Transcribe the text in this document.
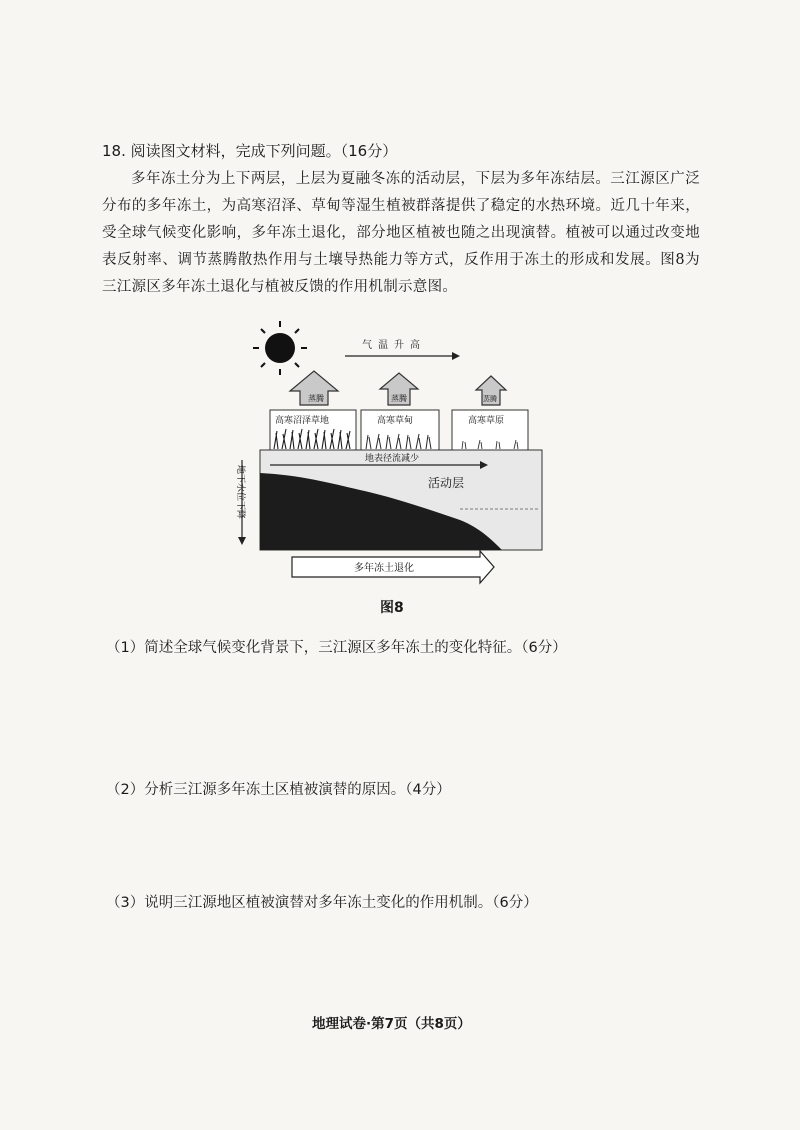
18. 阅读图文材料，完成下列问题。（16分）
多年冻土分为上下两层，上层为夏融冬冻的活动层，下层为多年冻结层。三江源区广泛分布的多年冻土，为高寒沼泽、草甸等湿生植被群落提供了稳定的水热环境。近几十年来，受全球气候变化影响，多年冻土退化，部分地区植被也随之出现演替。植被可以通过改变地表反射率、调节蒸腾散热作用与土壤导热能力等方式，反作用于冻土的形成和发展。图8为三江源区多年冻土退化与植被反馈的作用机制示意图。
气温升高
蒸腾	蒸腾	蒸腾
高寒沼泽草地	高寒草甸	高寒草原
地表径流减少
活动层
地下水位下降
多年冻土退化
图8
（1）简述全球气候变化背景下，三江源区多年冻土的变化特征。（6分）
（2）分析三江源多年冻土区植被演替的原因。（4分）
（3）说明三江源地区植被演替对多年冻土变化的作用机制。（6分）
地理试卷·第7页（共8页）
